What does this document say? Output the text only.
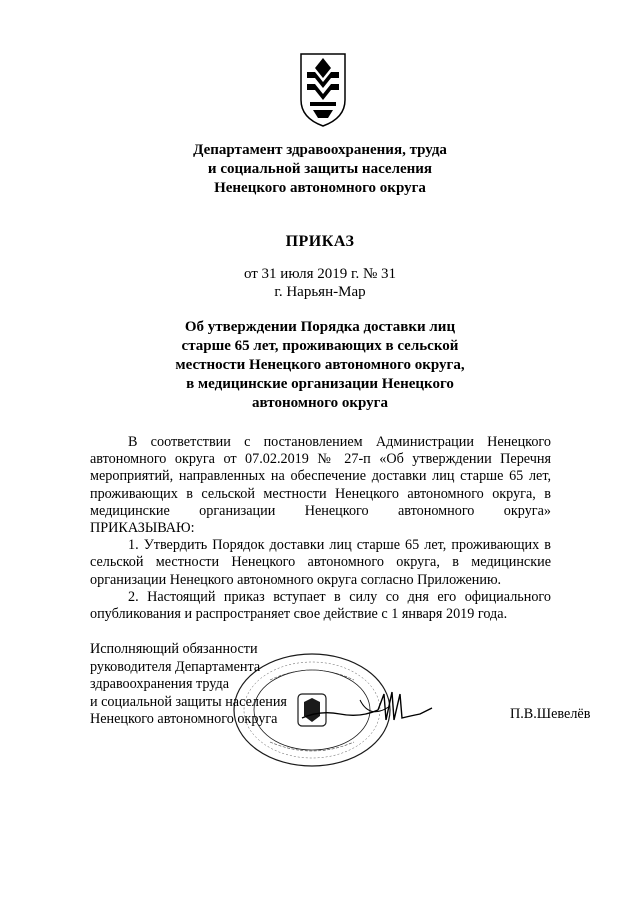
Департамент здравоохранения, труда
и социальной защиты населения
Ненецкого автономного округа
ПРИКАЗ
от 31 июля 2019 г. № 31
г. Нарьян-Мар
Об утверждении Порядка доставки лиц
старше 65 лет, проживающих в сельской
местности Ненецкого автономного округа,
в медицинские организации Ненецкого
автономного округа

В соответствии с постановлением Администрации Ненецкого автономного округа от 07.02.2019 № 27-п «Об утверждении Перечня мероприятий, направленных на обеспечение доставки лиц старше 65 лет, проживающих в сельской местности Ненецкого автономного округа, в медицинские организации Ненецкого автономного округа» ПРИКАЗЫВАЮ:

1. Утвердить Порядок доставки лиц старше 65 лет, проживающих в сельской местности Ненецкого автономного округа, в медицинские организации Ненецкого автономного округа согласно Приложению.

2. Настоящий приказ вступает в силу со дня его официального опубликования и распространяет свое действие с 1 января 2019 года.

Исполняющий обязанности
руководителя Департамента
здравоохранения труда
и социальной защиты населения
Ненецкого автономного округа	П.В.Шевелёв
